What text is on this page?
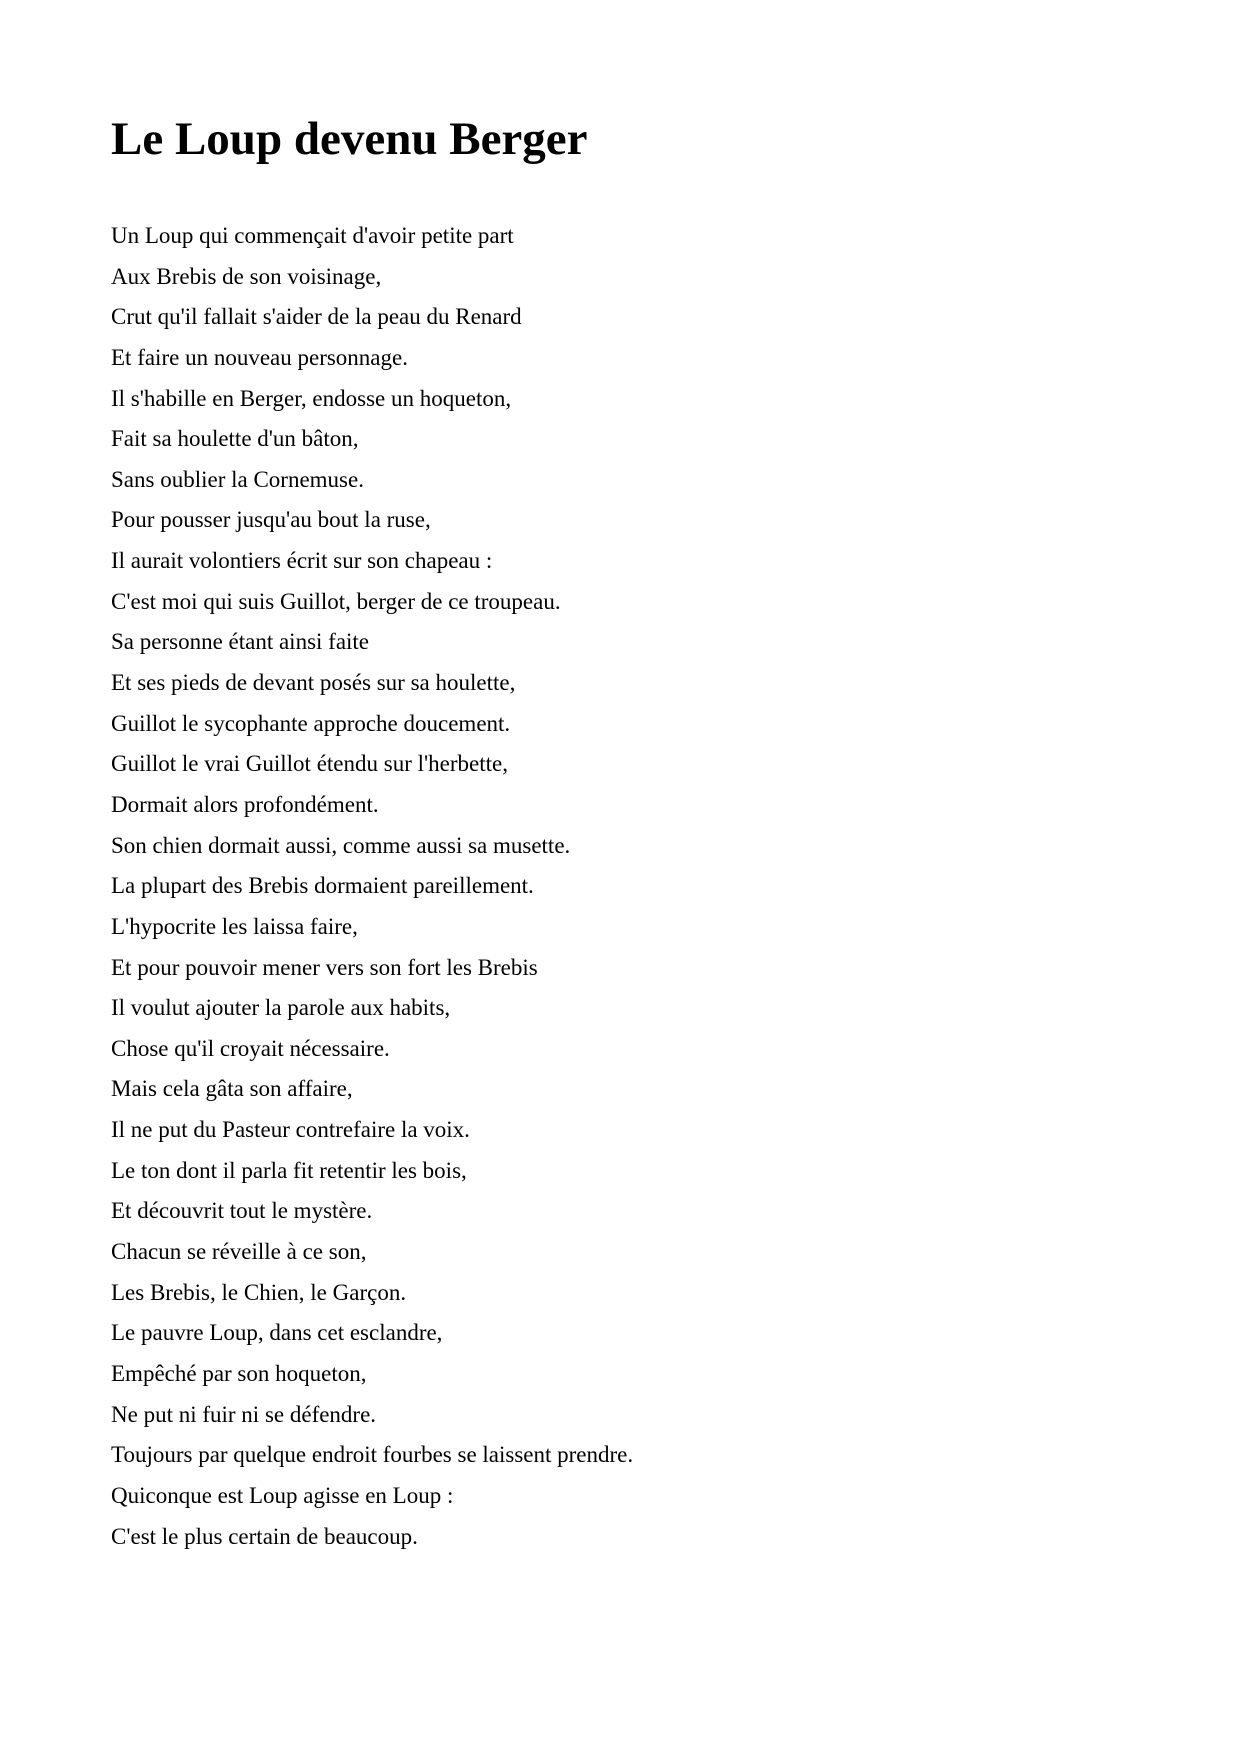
Le Loup devenu Berger
Un Loup qui commençait d'avoir petite part
Aux Brebis de son voisinage,
Crut qu'il fallait s'aider de la peau du Renard
Et faire un nouveau personnage.
Il s'habille en Berger, endosse un hoqueton,
Fait sa houlette d'un bâton,
Sans oublier la Cornemuse.
Pour pousser jusqu'au bout la ruse,
Il aurait volontiers écrit sur son chapeau :
C'est moi qui suis Guillot, berger de ce troupeau.
Sa personne étant ainsi faite
Et ses pieds de devant posés sur sa houlette,
Guillot le sycophante approche doucement.
Guillot le vrai Guillot étendu sur l'herbette,
Dormait alors profondément.
Son chien dormait aussi, comme aussi sa musette.
La plupart des Brebis dormaient pareillement.
L'hypocrite les laissa faire,
Et pour pouvoir mener vers son fort les Brebis
Il voulut ajouter la parole aux habits,
Chose qu'il croyait nécessaire.
Mais cela gâta son affaire,
Il ne put du Pasteur contrefaire la voix.
Le ton dont il parla fit retentir les bois,
Et découvrit tout le mystère.
Chacun se réveille à ce son,
Les Brebis, le Chien, le Garçon.
Le pauvre Loup, dans cet esclandre,
Empêché par son hoqueton,
Ne put ni fuir ni se défendre.
Toujours par quelque endroit fourbes se laissent prendre.
Quiconque est Loup agisse en Loup :
C'est le plus certain de beaucoup.
